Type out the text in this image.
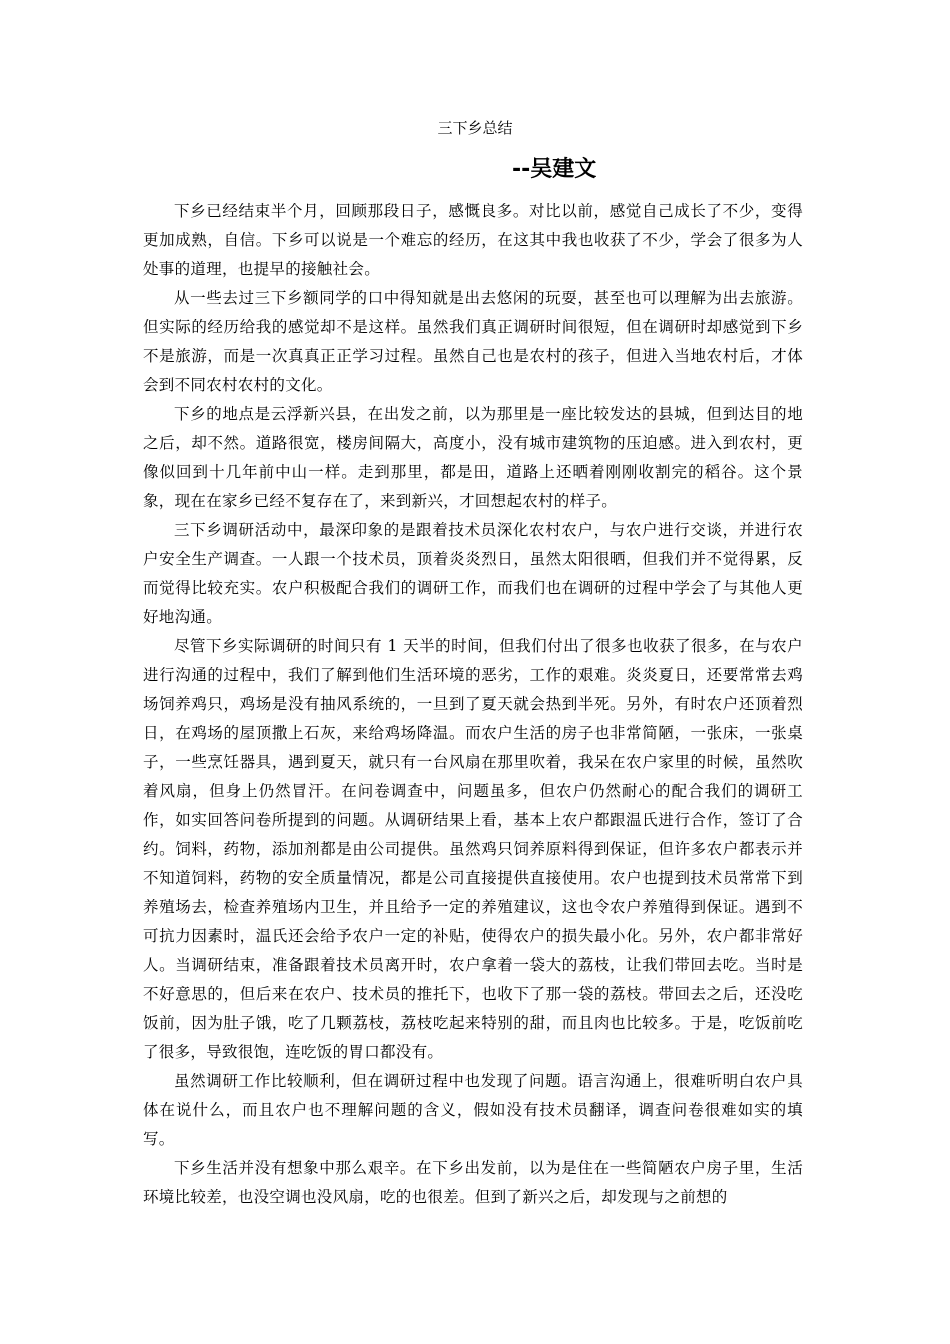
三下乡总结
--吴建文

下乡已经结束半个月，回顾那段日子，感慨良多。对比以前，感觉自己成长了不少，变得更加成熟，自信。下乡可以说是一个难忘的经历，在这其中我也收获了不少，学会了很多为人处事的道理，也提早的接触社会。

从一些去过三下乡额同学的口中得知就是出去悠闲的玩耍，甚至也可以理解为出去旅游。但实际的经历给我的感觉却不是这样。虽然我们真正调研时间很短，但在调研时却感觉到下乡不是旅游，而是一次真真正正学习过程。虽然自己也是农村的孩子，但进入当地农村后，才体会到不同农村农村的文化。

下乡的地点是云浮新兴县，在出发之前，以为那里是一座比较发达的县城，但到达目的地之后，却不然。道路很宽，楼房间隔大，高度小，没有城市建筑物的压迫感。进入到农村，更像似回到十几年前中山一样。走到那里，都是田，道路上还晒着刚刚收割完的稻谷。这个景象，现在在家乡已经不复存在了，来到新兴，才回想起农村的样子。

三下乡调研活动中，最深印象的是跟着技术员深化农村农户，与农户进行交谈，并进行农户安全生产调查。一人跟一个技术员，顶着炎炎烈日，虽然太阳很晒，但我们并不觉得累，反而觉得比较充实。农户积极配合我们的调研工作，而我们也在调研的过程中学会了与其他人更好地沟通。

尽管下乡实际调研的时间只有 1 天半的时间，但我们付出了很多也收获了很多，在与农户进行沟通的过程中，我们了解到他们生活环境的恶劣，工作的艰难。炎炎夏日，还要常常去鸡场饲养鸡只，鸡场是没有抽风系统的，一旦到了夏天就会热到半死。另外，有时农户还顶着烈日，在鸡场的屋顶撒上石灰，来给鸡场降温。而农户生活的房子也非常简陋，一张床，一张桌子，一些烹饪器具，遇到夏天，就只有一台风扇在那里吹着，我呆在农户家里的时候，虽然吹着风扇，但身上仍然冒汗。在问卷调查中，问题虽多，但农户仍然耐心的配合我们的调研工作，如实回答问卷所提到的问题。从调研结果上看，基本上农户都跟温氏进行合作，签订了合约。饲料，药物，添加剂都是由公司提供。虽然鸡只饲养原料得到保证，但许多农户都表示并不知道饲料，药物的安全质量情况，都是公司直接提供直接使用。农户也提到技术员常常下到养殖场去，检查养殖场内卫生，并且给予一定的养殖建议，这也令农户养殖得到保证。遇到不可抗力因素时，温氏还会给予农户一定的补贴，使得农户的损失最小化。另外，农户都非常好人。当调研结束，准备跟着技术员离开时，农户拿着一袋大的荔枝，让我们带回去吃。当时是不好意思的，但后来在农户、技术员的推托下，也收下了那一袋的荔枝。带回去之后，还没吃饭前，因为肚子饿，吃了几颗荔枝，荔枝吃起来特别的甜，而且肉也比较多。于是，吃饭前吃了很多，导致很饱，连吃饭的胃口都没有。

虽然调研工作比较顺利，但在调研过程中也发现了问题。语言沟通上，很难听明白农户具体在说什么，而且农户也不理解问题的含义，假如没有技术员翻译，调查问卷很难如实的填写。

下乡生活并没有想象中那么艰辛。在下乡出发前，以为是住在一些简陋农户房子里，生活环境比较差，也没空调也没风扇，吃的也很差。但到了新兴之后，却发现与之前想的
